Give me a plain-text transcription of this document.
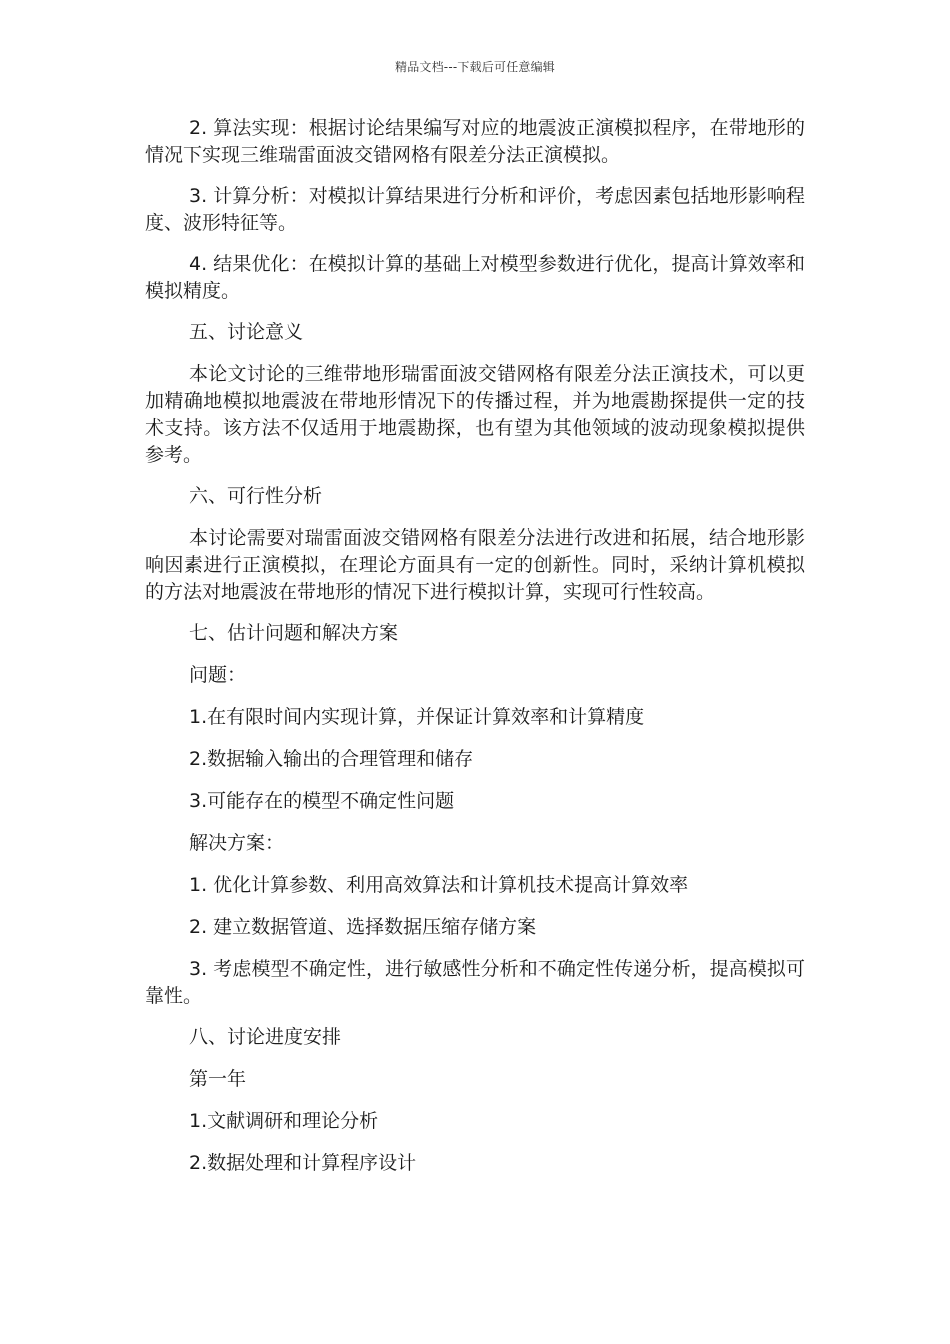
精品文档---下载后可任意编辑

2. 算法实现：根据讨论结果编写对应的地震波正演模拟程序，在带地形的情况下实现三维瑞雷面波交错网格有限差分法正演模拟。

3. 计算分析：对模拟计算结果进行分析和评价，考虑因素包括地形影响程度、波形特征等。

4. 结果优化：在模拟计算的基础上对模型参数进行优化，提高计算效率和模拟精度。

五、讨论意义

本论文讨论的三维带地形瑞雷面波交错网格有限差分法正演技术，可以更加精确地模拟地震波在带地形情况下的传播过程，并为地震勘探提供一定的技术支持。该方法不仅适用于地震勘探，也有望为其他领域的波动现象模拟提供参考。

六、可行性分析

本讨论需要对瑞雷面波交错网格有限差分法进行改进和拓展，结合地形影响因素进行正演模拟，在理论方面具有一定的创新性。同时，采纳计算机模拟的方法对地震波在带地形的情况下进行模拟计算，实现可行性较高。

七、估计问题和解决方案

问题：

1.在有限时间内实现计算，并保证计算效率和计算精度

2.数据输入输出的合理管理和储存

3.可能存在的模型不确定性问题

解决方案：

1. 优化计算参数、利用高效算法和计算机技术提高计算效率

2. 建立数据管道、选择数据压缩存储方案

3. 考虑模型不确定性，进行敏感性分析和不确定性传递分析，提高模拟可靠性。

八、讨论进度安排

第一年

1.文献调研和理论分析

2.数据处理和计算程序设计
